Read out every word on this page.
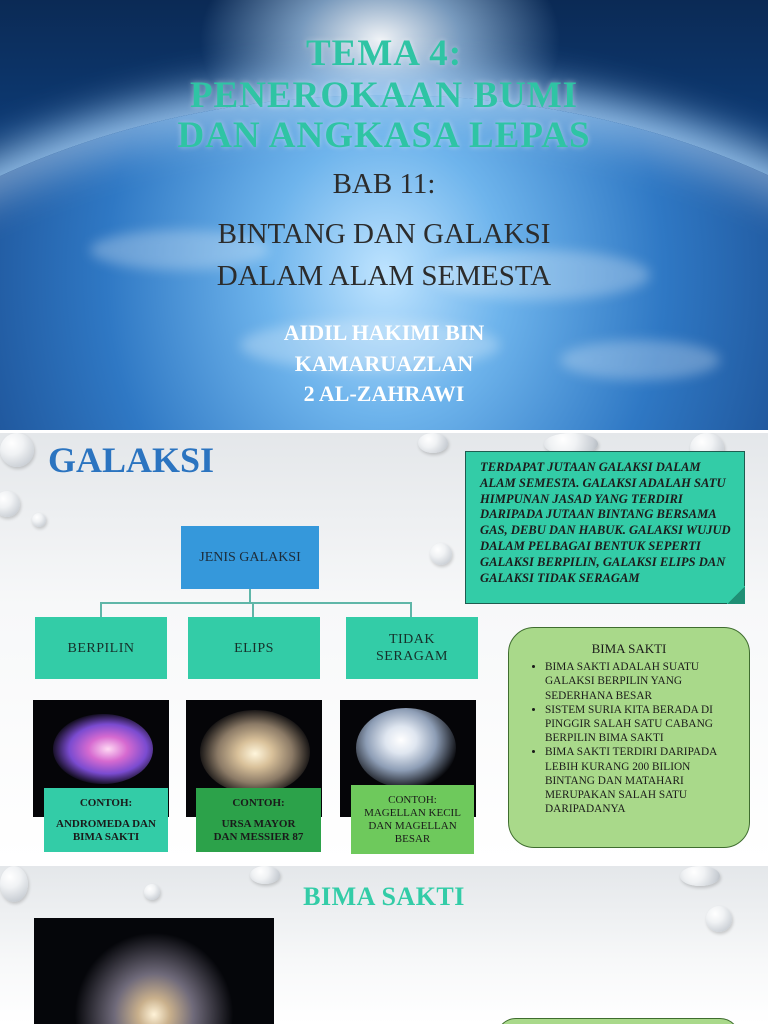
TEMA 4:

PENEROKAAN BUMI

DAN ANGKASA LEPAS

BAB 11:

BINTANG DAN GALAKSI

DALAM ALAM SEMESTA

AIDIL HAKIMI BIN
KAMARUAZLAN
2 AL-ZAHRAWI
GALAKSI
JENIS GALAKSI
BERPILIN	ELIPS
TIDAK
SERAGAM
CONTOH:
ANDROMEDA DAN
BIMA SAKTI
CONTOH:
URSA MAYOR
DAN MESSIER 87
CONTOH:
MAGELLAN KECIL
DAN MAGELLAN
BESAR
TERDAPAT JUTAAN GALAKSI DALAM ALAM SEMESTA. GALAKSI ADALAH SATU HIMPUNAN JASAD YANG TERDIRI DARIPADA JUTAAN BINTANG BERSAMA GAS, DEBU DAN HABUK. GALAKSI WUJUD DALAM PELBAGAI BENTUK SEPERTI GALAKSI BERPILIN, GALAKSI ELIPS DAN GALAKSI TIDAK SERAGAM
BIMA SAKTI
• BIMA SAKTI ADALAH SUATU GALAKSI BERPILIN YANG SEDERHANA BESAR
• SISTEM SURIA KITA BERADA DI PINGGIR SALAH SATU CABANG BERPILIN BIMA SAKTI
• BIMA SAKTI TERDIRI DARIPADA LEBIH KURANG 200 BILION BINTANG DAN MATAHARI MERUPAKAN SALAH SATU DARIPADANYA
BIMA SAKTI
